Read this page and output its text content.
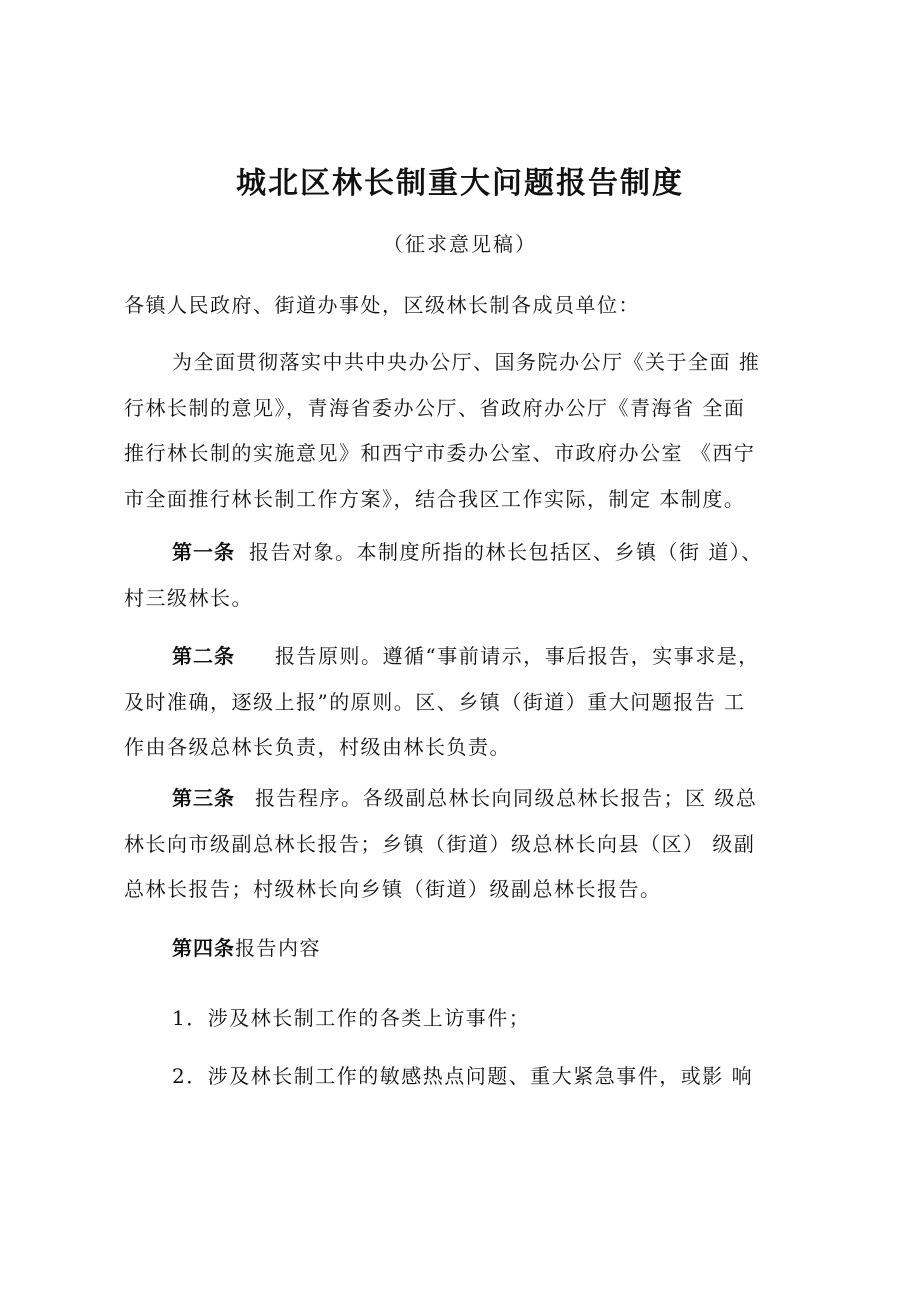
城北区林长制重大问题报告制度
（征求意见稿）
各镇人民政府、街道办事处，区级林长制各成员单位：
为全面贯彻落实中共中央办公厅、国务院办公厅《关于全面 推
行林长制的意见》，青海省委办公厅、省政府办公厅《青海省 全面
推行林长制的实施意见》和西宁市委办公室、市政府办公室 《西宁
市全面推行林长制工作方案》，结合我区工作实际，制定 本制度。
第一条 报告对象。本制度所指的林长包括区、乡镇（街 道）、
村三级林长。
第二条 报告原则。遵循“事前请示，事后报告，实事求是，
及时准确，逐级上报”的原则。区、乡镇（街道）重大问题报告 工
作由各级总林长负责，村级由林长负责。
第三条 报告程序。各级副总林长向同级总林长报告；区 级总
林长向市级副总林长报告；乡镇（街道）级总林长向县（区） 级副
总林长报告；村级林长向乡镇（街道）级副总林长报告。
第四条报告内容
1．涉及林长制工作的各类上访事件；
2．涉及林长制工作的敏感热点问题、重大紧急事件，或影 响
